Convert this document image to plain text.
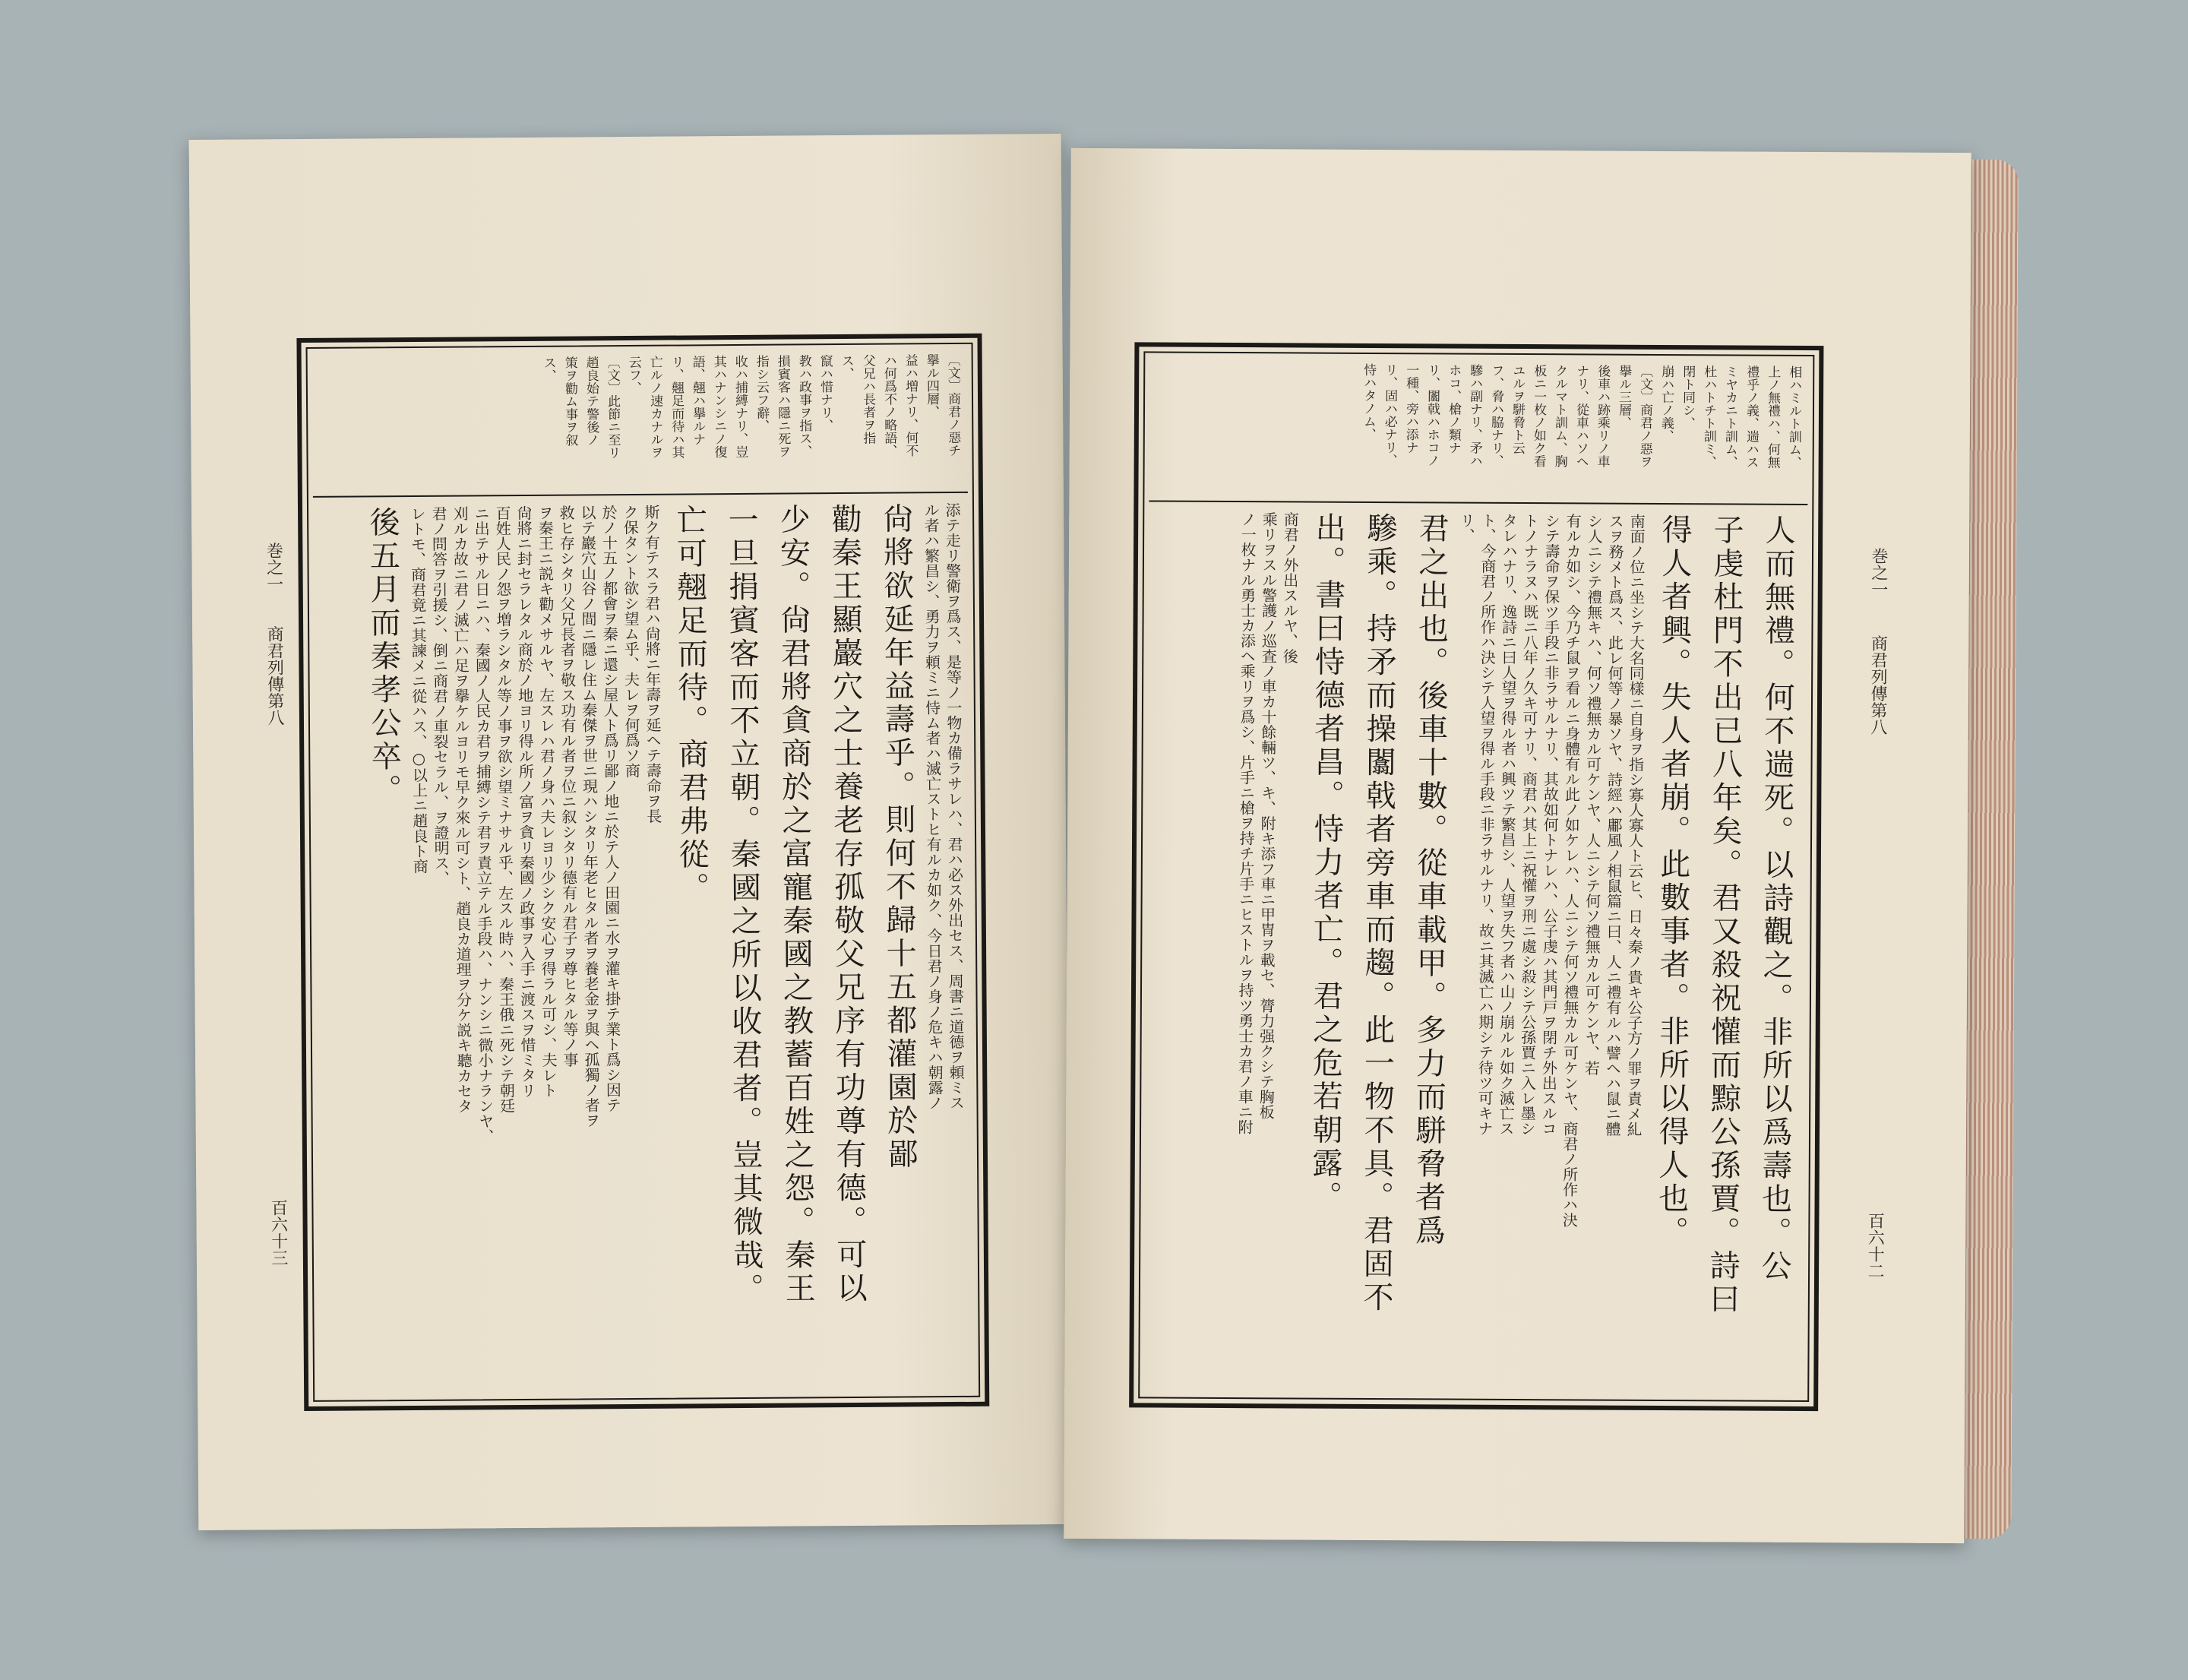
巻之一
商君列傳第八
百六十三
〔文〕商君ノ惡チ
擧ル四層、
益ハ増ナリ、何不
ハ何爲不ノ略語、
父兄ハ長者ヲ指
ス、
竄ハ惜ナリ、
教ハ政事ヲ指ス、
損賓客ハ隱ニ死ヲ
指シ云フ辭、
收ハ捕縛ナリ、豈
其ハナンシニノ復
語、翹ハ擧ルナ
リ、翹足而待ハ其
亡ルノ速カナルヲ
云フ、
〔文〕此節ニ至リ
趙良始テ警後ノ
策ヲ勸ム事ヲ叙
ス、
添テ走リ警衛ヲ爲ス、是等ノ一物カ備ラサレハ、君ハ必ス外出セス、周書ニ道德ヲ頼ミス
ル者ハ繁昌シ、勇力ヲ頼ミニ恃ム者ハ滅亡ストヒ有ルカ如ク、今日君ノ身ノ危キハ朝露ノ
尙將欲延年益壽乎。則何不歸十五都灌園於鄙
勸秦王顯巖穴之士養老存孤敬父兄序有功尊有德。可以
少安。尙君將貪商於之富寵秦國之教蓄百姓之怨。秦王
一旦捐賓客而不立朝。秦國之所以收君者。豈其微哉。
亡可翹足而待。商君弗從。
斯ク有テスラ君ハ尙將ニ年壽ヲ延ヘテ壽命ヲ長
ク保タント欲シ望ム乎、夫レヲ何爲ソ商
於ノ十五ノ都會ヲ秦ニ還シ屋人ト爲リ鄙ノ地ニ於テ人ノ田園ニ水ヲ灌キ掛テ業ト爲シ因テ
以テ巖穴山谷ノ間ニ隱レ住ム秦傑ヲ世ニ現ハシタリ年老ヒタル者ヲ養老金ヲ與ヘ孤獨ノ者ヲ
救ヒ存シタリ父兄長者ヲ敬ス功有ル者ヲ位ニ叙シタリ德有ル君子ヲ尊ヒタル等ノ事
ヲ秦王ニ説キ勸メサルヤ、左スレハ君ノ身ハ夫レヨリ少シク安心ヲ得ラル可シ、夫レト
尙將ニ封セラレタル商於ノ地ヨリ得ル所ノ富ヲ貪リ秦國ノ政事ヲ入手ニ渡スヲ惜ミタリ
百姓人民ノ怨ヲ増ラシタル等ノ事ヲ欲シ望ミナサル乎、左スル時ハ、秦王俄ニ死シテ朝廷
ニ出テサル日ニハ、秦國ノ人民カ君ヲ捕縛シテ君ヲ責立テル手段ハ、ナンシニ微小ナランヤ、
刈ルカ故ニ君ノ滅亡ハ足ヲ擧ケルヨリモ早ク來ル可シト、趙良カ道理ヲ分ケ説キ聽カセタ
君ノ問答ヲ引援シ、倒ニ商君ノ車裂セラル、ヲ證明ス、
レトモ、商君竟ニ其諫メニ從ハス、○以上ニ趙良ト商
後五月而秦孝公卒。	巻之一
商君列傳第八
百六十二
相ハミルト訓ム、
上ノ無禮ハ、何無
禮乎ノ義、遄ハス
ミヤカニト訓ム、
杜ハトチト訓ミ、
閉ト同シ、
崩ハ亡ノ義、
〔文〕商君ノ惡ヲ
擧ル三層、
後車ハ跡乘リノ車
ナリ、從車ハソヘ
クルマト訓ム、胸
板ニ一枚ノ如ク看
ユルヲ駢脅ト云
フ、脅ハ脇ナリ、
驂ハ副ナリ、矛ハ
ホコ、槍ノ類ナ
リ、闟戟ハホコノ
一種、旁ハ添ナ
リ、固ハ必ナリ、
恃ハタノム、
人而無禮。何不遄死。以詩觀之。非所以爲壽也。公
子虔杜門不出已八年矣。君又殺祝懽而黥公孫賈。詩曰
得人者興。失人者崩。此數事者。非所以得人也。
南面ノ位ニ坐シテ大名同樣ニ自身ヲ指シ寡人寡人ト云ヒ、日々秦ノ貴キ公子方ノ罪ヲ責メ糺
スヲ務メト爲ス、此レ何等ノ暴ソヤ、詩經ハ鄘風ノ相鼠篇ニ曰、人ニ禮有ルハ譬ヘハ鼠ニ體
シ人ニシテ禮無キハ、何ソ禮無カル可ケンヤ、人ニシテ何ソ禮無カル可ケンヤ、若
有ルカ如シ、今乃チ鼠ヲ看ルニ身體有ル此ノ如ケレハ、人ニシテ何ソ禮無カル可ケンヤ、商君ノ所作ハ決
シテ壽命ヲ保ツ手段ニ非ラサルナリ、其故如何トナレハ、公子虔ハ其門戸ヲ閉チ外出スルコ
トノナラヌハ既ニ八年ノ久キ可ナリ、商君ハ其上ニ祝懽ヲ刑ニ處シ殺シテ公孫賈ニ入レ墨シ
タレハナリ、逸詩ニ曰人望ヲ得ル者ハ興ツテ繁昌シ、人望ヲ失フ者ハ山ノ崩ルル如ク滅亡ス
ト、今商君ノ所作ハ決シテ人望ヲ得ル手段ニ非ラサルナリ、故ニ其滅亡ハ期シテ待ツ可キナ
リ、
君之出也。後車十數。從車載甲。多力而駢脅者爲
驂乘。持矛而操闟戟者旁車而趨。此一物不具。君固不
出。書曰恃德者昌。恃力者亡。君之危若朝露。
商君ノ外出スルヤ、後
乘リヲスル警護ノ巡査ノ車カ十餘輛ツ、キ、附キ添フ車ニ甲冑ヲ載セ、膂力强クシテ胸板
ノ一枚ナル勇士カ添ヘ乘リヲ爲シ、片手ニ槍ヲ持チ片手ニヒストルヲ持ツ勇士カ君ノ車ニ附
